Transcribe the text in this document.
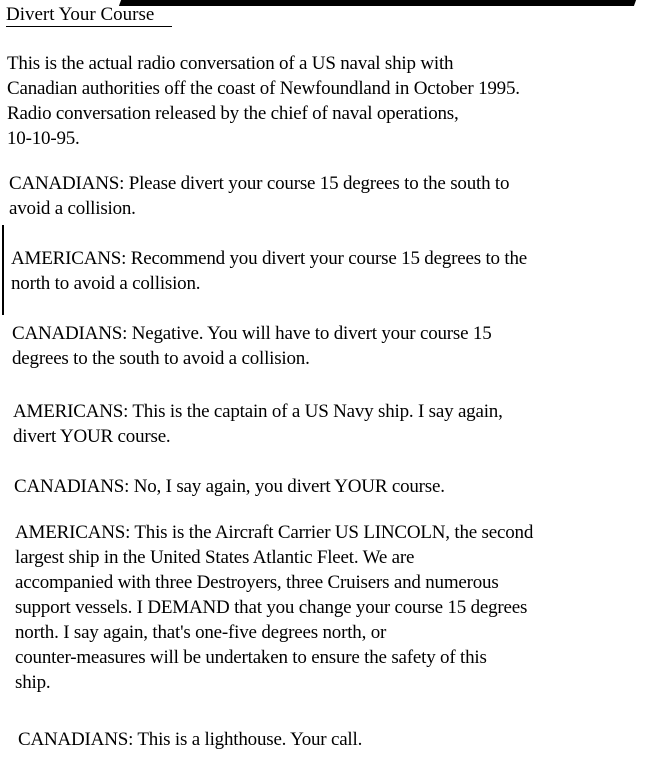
Divert Your Course

This is the actual radio conversation of a US naval ship with
Canadian authorities off the coast of Newfoundland in October 1995.
Radio conversation released by the chief of naval operations,
10-10-95.

CANADIANS: Please divert your course 15 degrees to the south to
avoid a collision.

AMERICANS: Recommend you divert your course 15 degrees to the
north to avoid a collision.

CANADIANS: Negative. You will have to divert your course 15
degrees to the south to avoid a collision.

AMERICANS: This is the captain of a US Navy ship. I say again,
divert YOUR course.

CANADIANS: No, I say again, you divert YOUR course.

AMERICANS: This is the Aircraft Carrier US LINCOLN, the second
largest ship in the United States Atlantic Fleet. We are
accompanied with three Destroyers, three Cruisers and numerous
support vessels. I DEMAND that you change your course 15 degrees
north. I say again, that's one-five degrees north, or
counter-measures will be undertaken to ensure the safety of this
ship.

CANADIANS: This is a lighthouse. Your call.
